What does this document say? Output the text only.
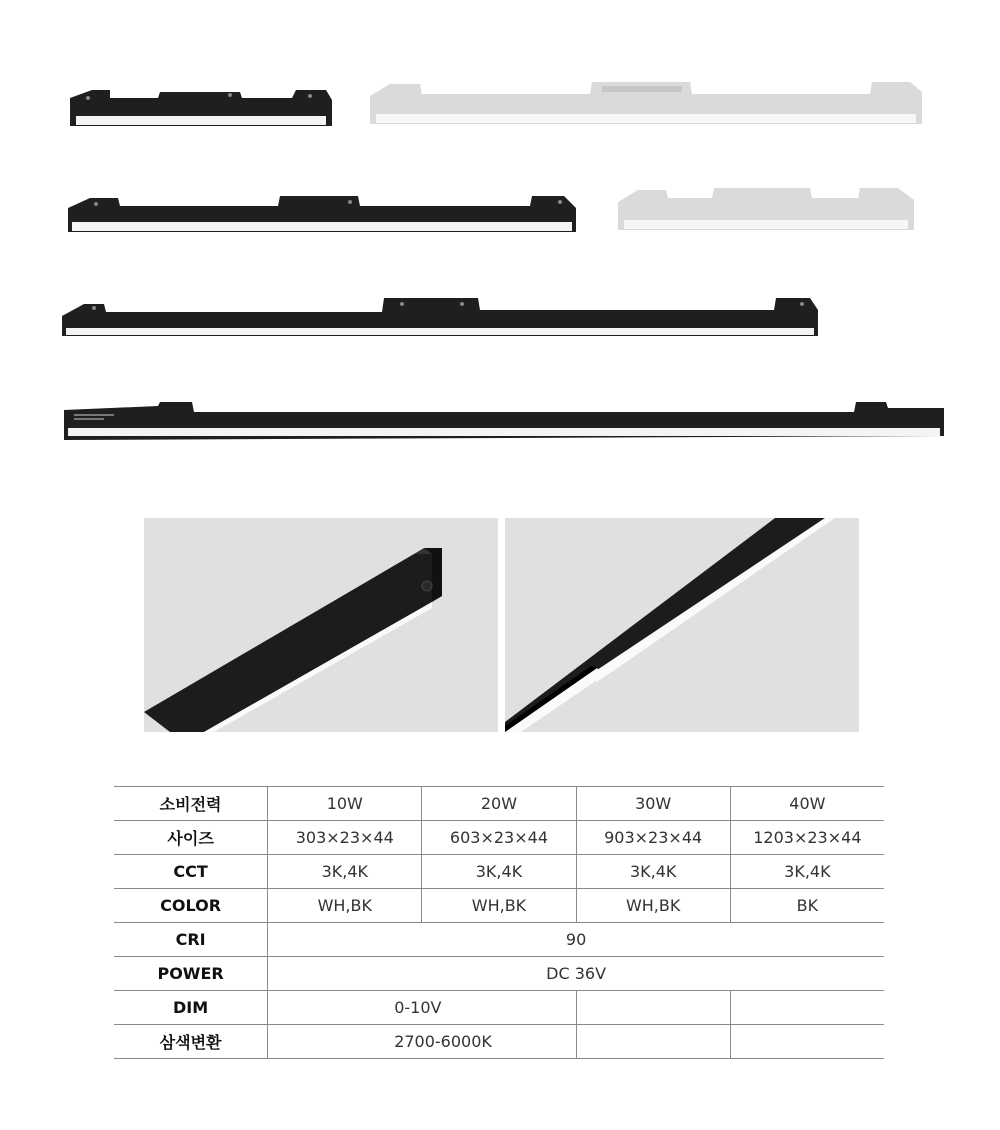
소비전력	10W	20W	30W	40W
사이즈	303×23×44	603×23×44	903×23×44	1203×23×44
CCT	3K,4K	3K,4K	3K,4K	3K,4K
COLOR	WH,BK	WH,BK	WH,BK	BK
CRI	90			
POWER	DC 36V			
DIM	0-10V			
삼색변환	2700-6000K			
